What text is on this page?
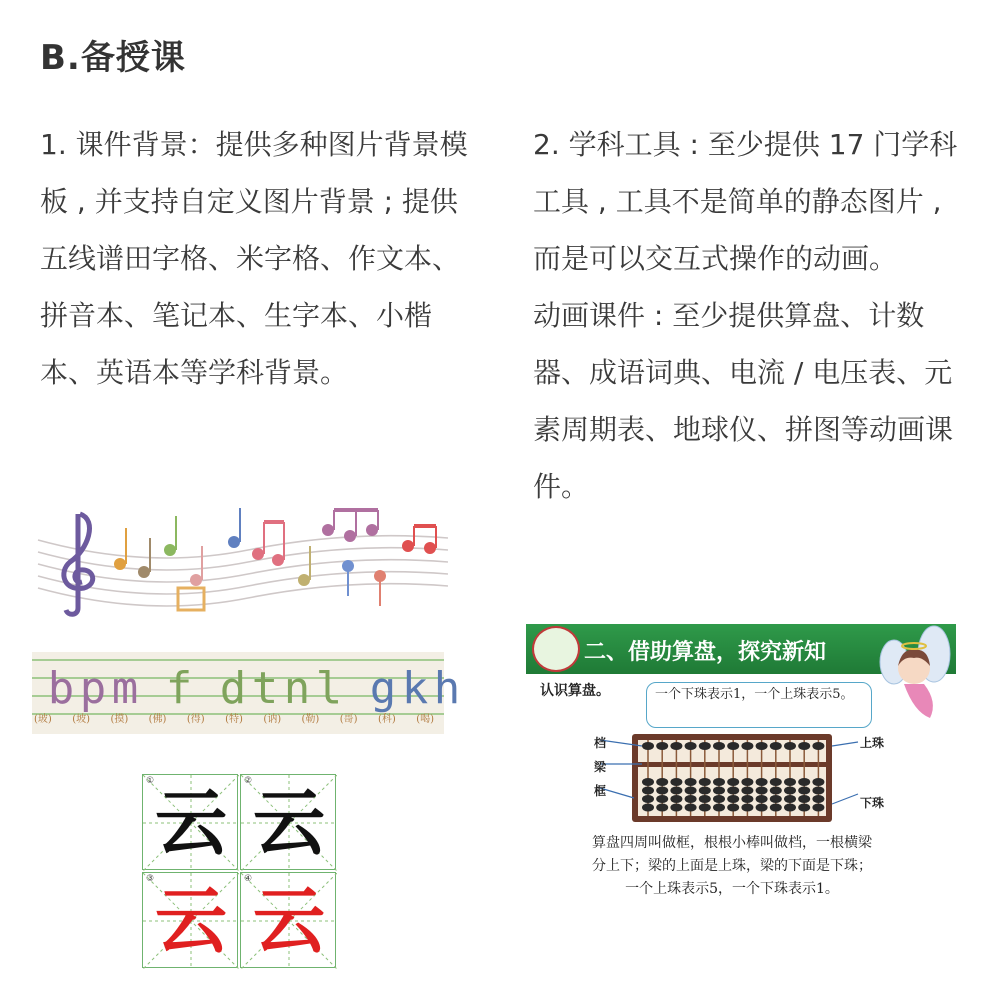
B.备授课

1. 课件背景：提供多种图片背景模板 , 并支持自定义图片背景 ; 提供五线谱田字格、米字格、作文本、拼音本、笔记本、生字本、小楷本、英语本等学科背景。

2. 学科工具 : 至少提供 17 门学科工具 , 工具不是简单的静态图片 , 而是可以交互式操作的动画。

动画课件 : 至少提供算盘、计数器、成语词典、电流 / 电压表、元素周期表、地球仪、拼图等动画课件。

b p m f d t n l g k h
(玻) (坡) (摸) (佛) (得) (特) (讷) (勒) (哥) (科) (喝)
① 云	② 云
③ 云	④ 云
二、借助算盘，探究新知
认识算盘。	一个下珠表示1，一个上珠表示5。
档
梁
框
上珠
下珠
算盘四周叫做框，根根小棒叫做档，一根横梁分上下；梁的上面是上珠，梁的下面是下珠；一个上珠表示5，一个下珠表示1。
